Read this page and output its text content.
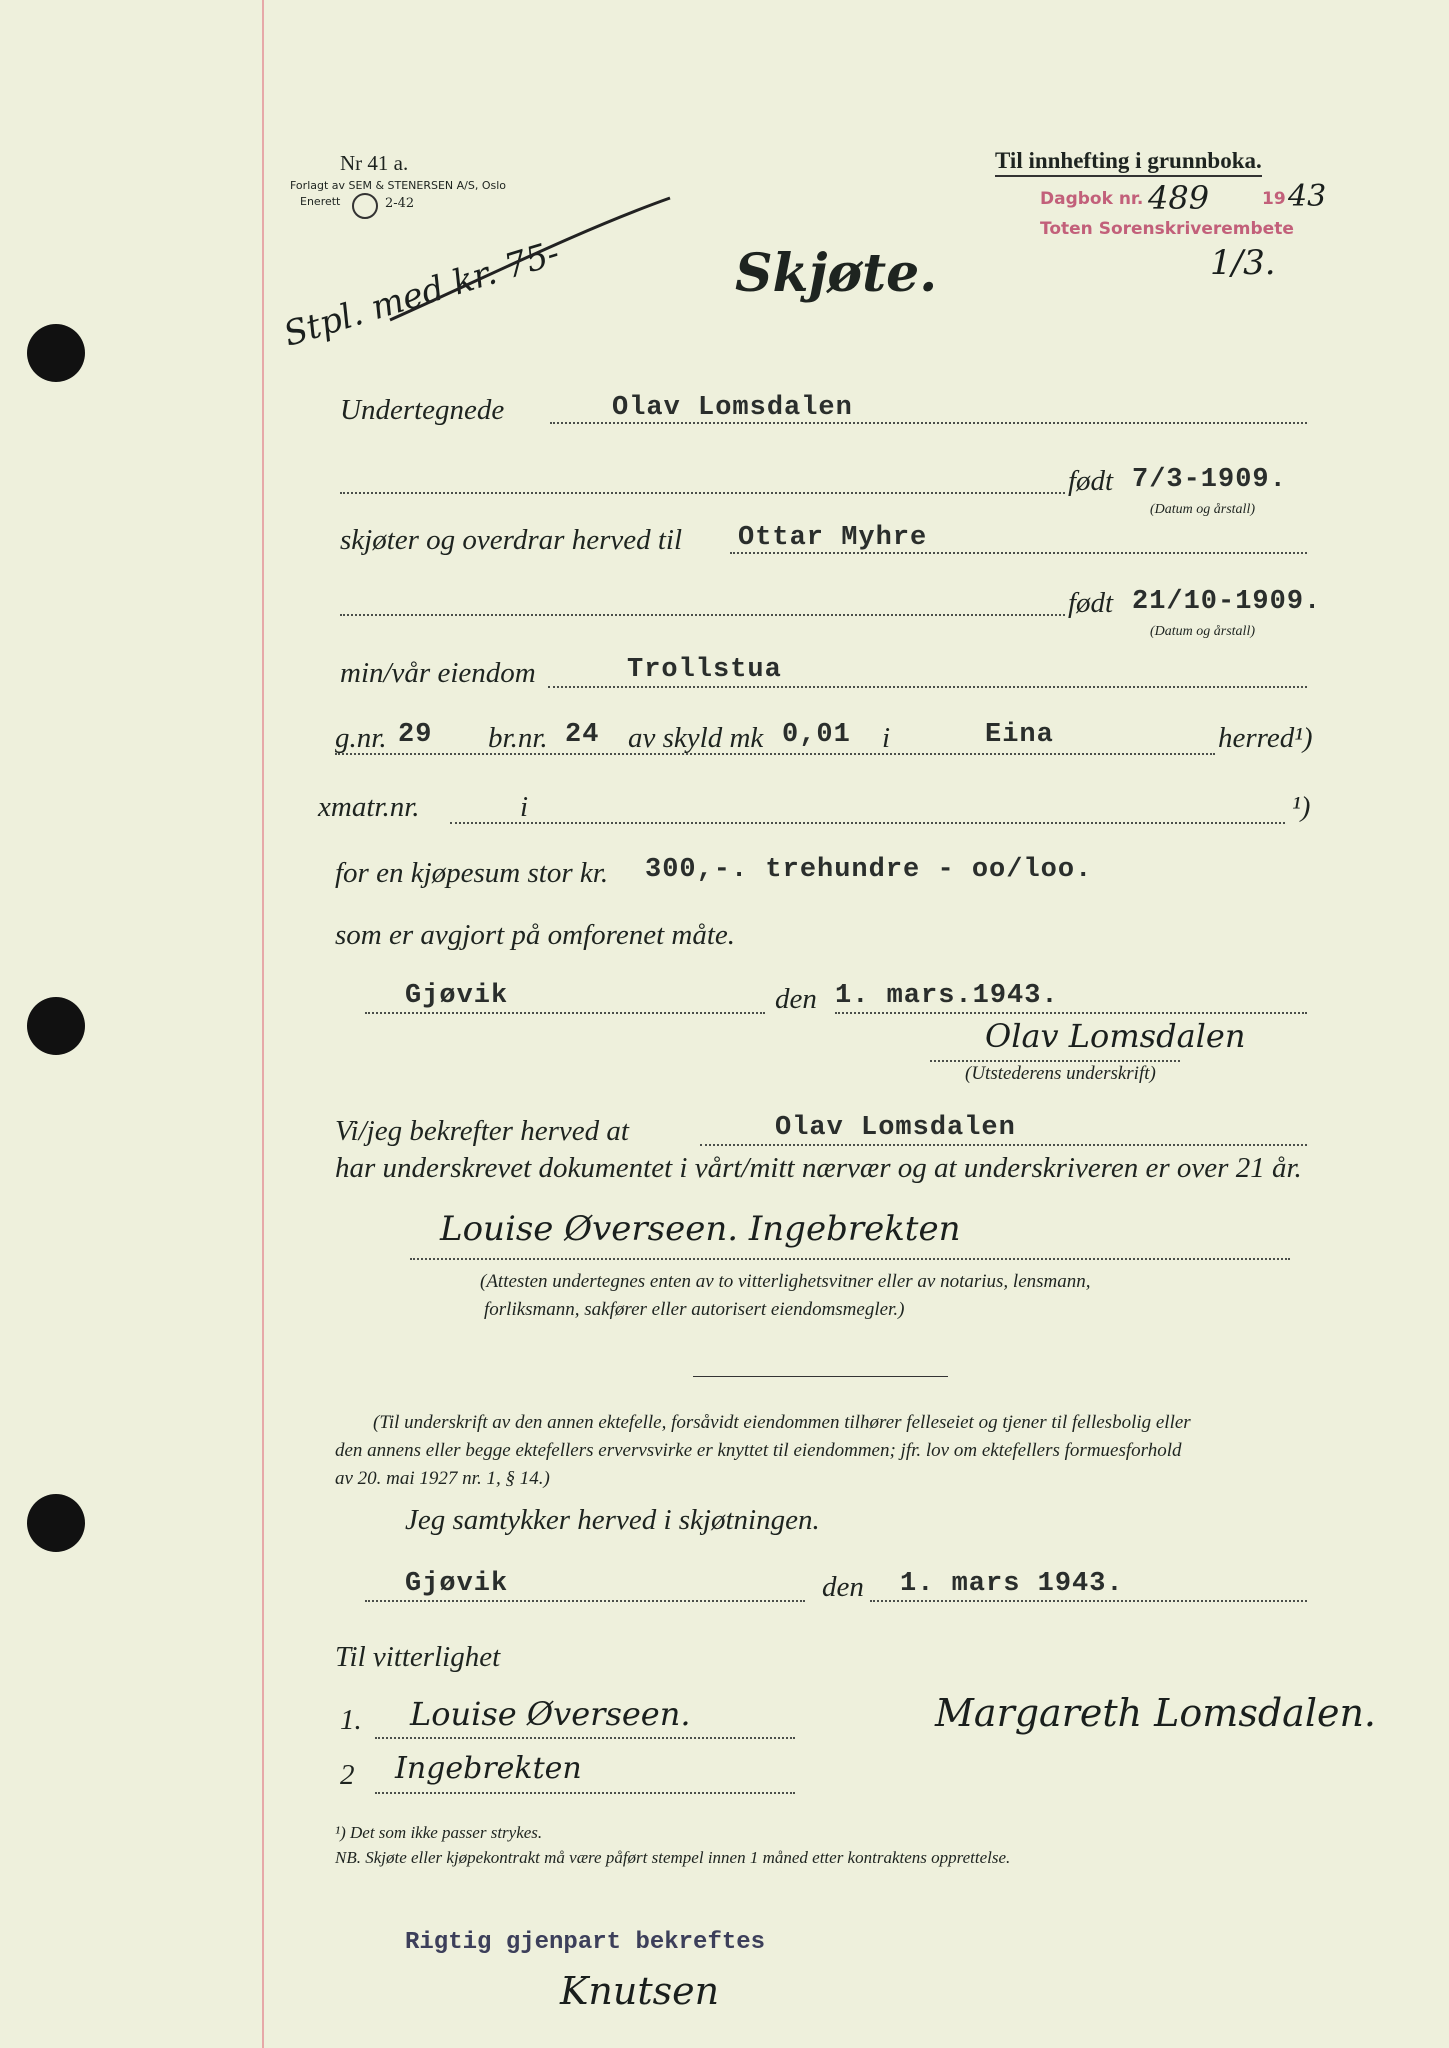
Nr 41 a.
Forlagt av SEM & STENERSEN A/S, Oslo
Enerett	2-42
Stpl. med kr. 75-
Til innhefting i grunnboka.
Dagbok nr. 489	19 43
Toten Sorenskriverembete
1/3.
Skjøte.
Undertegnede	Olav Lomsdalen
født 7/3-1909.
(Datum og årstall)
skjøter og overdrar herved til Ottar Myhre
født 21/10-1909.
(Datum og årstall)
min/vår eiendom	Trollstua
g.nr. 29 br.nr. 24 av skyld mk 0,01 i	Eina	herred¹)
xmatr.nr.	i	¹)
for en kjøpesum stor kr. 300,-. trehundre - oo/loo.
som er avgjort på omforenet måte.
Gjøvik	den 1. mars.1943.
Olav Lomsdalen
(Utstederens underskrift)
Vi/jeg bekrefter herved at	Olav Lomsdalen
har underskrevet dokumentet i vårt/mitt nærvær og at underskriveren er over 21 år.
Louise Øverseen. Ingebrekten
(Attesten undertegnes enten av to vitterlighetsvitner eller av notarius, lensmann,
forliksmann, sakfører eller autorisert eiendomsmegler.)
(Til underskrift av den annen ektefelle, forsåvidt eiendommen tilhører felleseiet og tjener til fellesbolig eller
den annens eller begge ektefellers ervervsvirke er knyttet til eiendommen; jfr. lov om ektefellers formuesforhold
av 20. mai 1927 nr. 1, § 14.)
Jeg samtykker herved i skjøtningen.
Gjøvik	den 1. mars 1943.
Til vitterlighet
1. Louise Øverseen.	Margareth Lomsdalen.
2 Ingebrekten
¹) Det som ikke passer strykes.
NB. Skjøte eller kjøpekontrakt må være påført stempel innen 1 måned etter kontraktens opprettelse.
Rigtig gjenpart bekreftes
Knutsen
